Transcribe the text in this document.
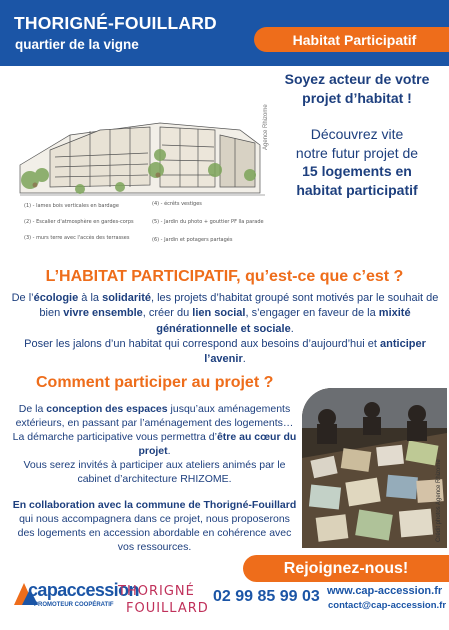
THORIGNÉ-FOUILLARD
quartier de la vigne	Habitat Participatif
(1) - lames bois verticales en bardage
(2) - Escalier d'atmosphère en gardes-corps
(3) - murs terre avec l'accès des terrasses
(4) - écrêts vestiges
(5) - Jardin du photo + gouttier PF lla parade
(6) - Jardin et potagers partagés
Agence Rhizome
Soyez acteur de votre
projet d’habitat !
Découvrez vite
notre futur projet de
15 logements en
habitat participatif
L’HABITAT PARTICIPATIF, qu’est-ce que c’est ?
De l’écologie à la solidarité, les projets d’habitat groupé sont motivés par le souhait de bien vivre ensemble, créer du lien social, s’engager en faveur de la mixité générationnelle et sociale.
Poser les jalons d’un habitat qui correspond aux besoins d’aujourd’hui et anticiper l’avenir.
Comment participer au projet ?
De la conception des espaces jusqu’aux aménagements extérieurs, en passant par l’aménagement des logements… La démarche participative vous permettra d’être au cœur du projet.
Vous serez invités à participer aux ateliers animés par le cabinet d’architecture RHIZOME.
En collaboration avec la commune de Thorigné-Fouillard qui nous accompagnera dans ce projet, nous proposerons des logements en accession abordable en cohérence avec vos ressources.
Crédit photos Agence Rhizome
Rejoignez-nous!
capaccession
PROMOTEUR COOPÉRATIF
THORIGNÉ
FOUILLARD
02 99 85 99 03 www.cap-accession.fr
contact@cap-accession.fr
